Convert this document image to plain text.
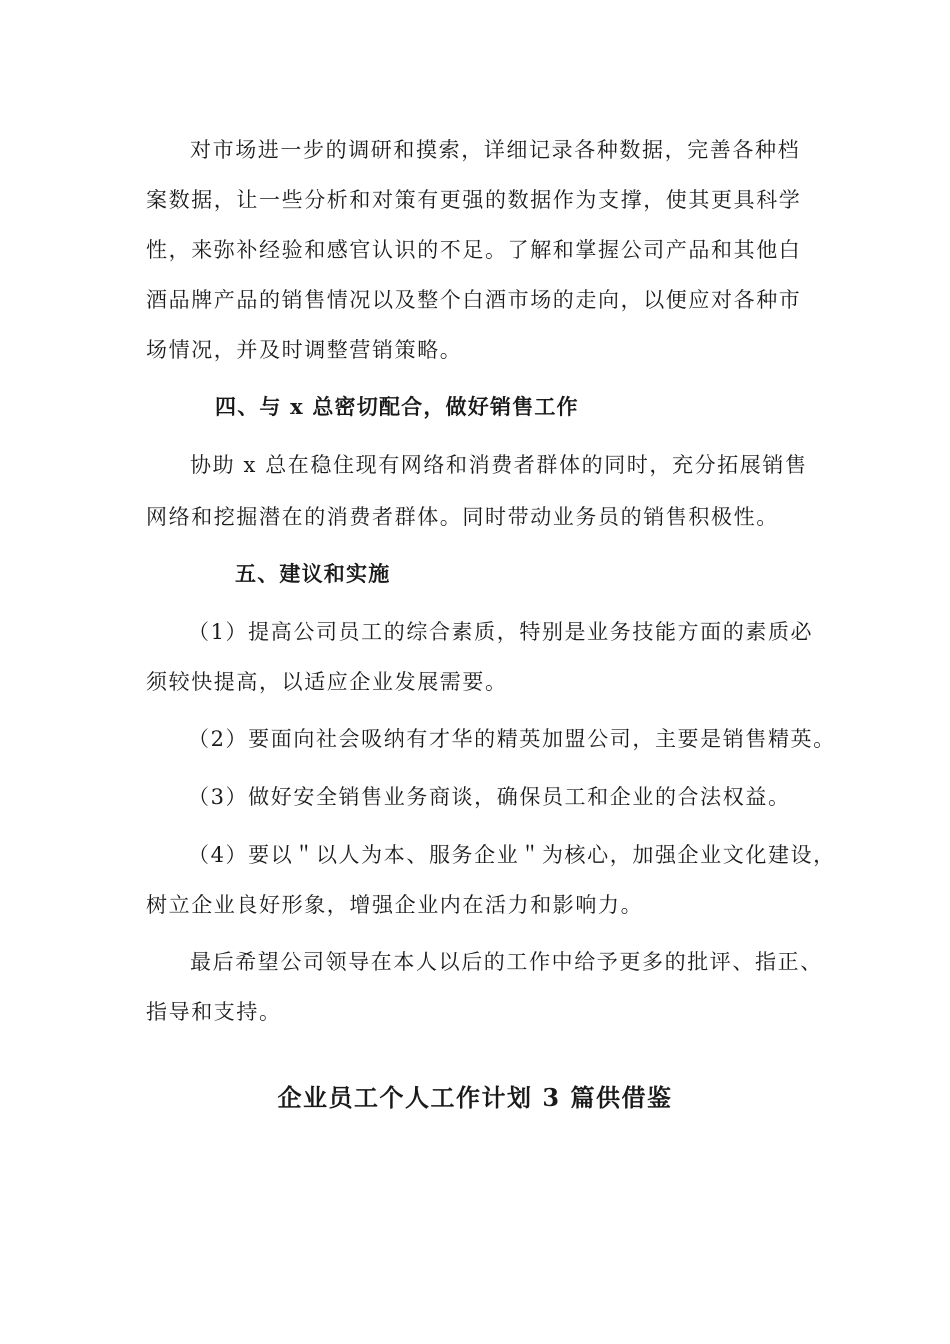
对市场进一步的调研和摸索，详细记录各种数据，完善各种档
案数据，让一些分析和对策有更强的数据作为支撑，使其更具科学
性，来弥补经验和感官认识的不足。了解和掌握公司产品和其他白
酒品牌产品的销售情况以及整个白酒市场的走向，以便应对各种市
场情况，并及时调整营销策略。
四、与 x 总密切配合，做好销售工作
协助 x 总在稳住现有网络和消费者群体的同时，充分拓展销售
网络和挖掘潜在的消费者群体。同时带动业务员的销售积极性。
五、建议和实施
（1）提高公司员工的综合素质，特别是业务技能方面的素质必
须较快提高，以适应企业发展需要。
（2）要面向社会吸纳有才华的精英加盟公司，主要是销售精英。
（3）做好安全销售业务商谈，确保员工和企业的合法权益。
（4）要以＂以人为本、服务企业＂为核心，加强企业文化建设，
树立企业良好形象，增强企业内在活力和影响力。
最后希望公司领导在本人以后的工作中给予更多的批评、指正、
指导和支持。
企业员工个人工作计划 3 篇供借鉴
